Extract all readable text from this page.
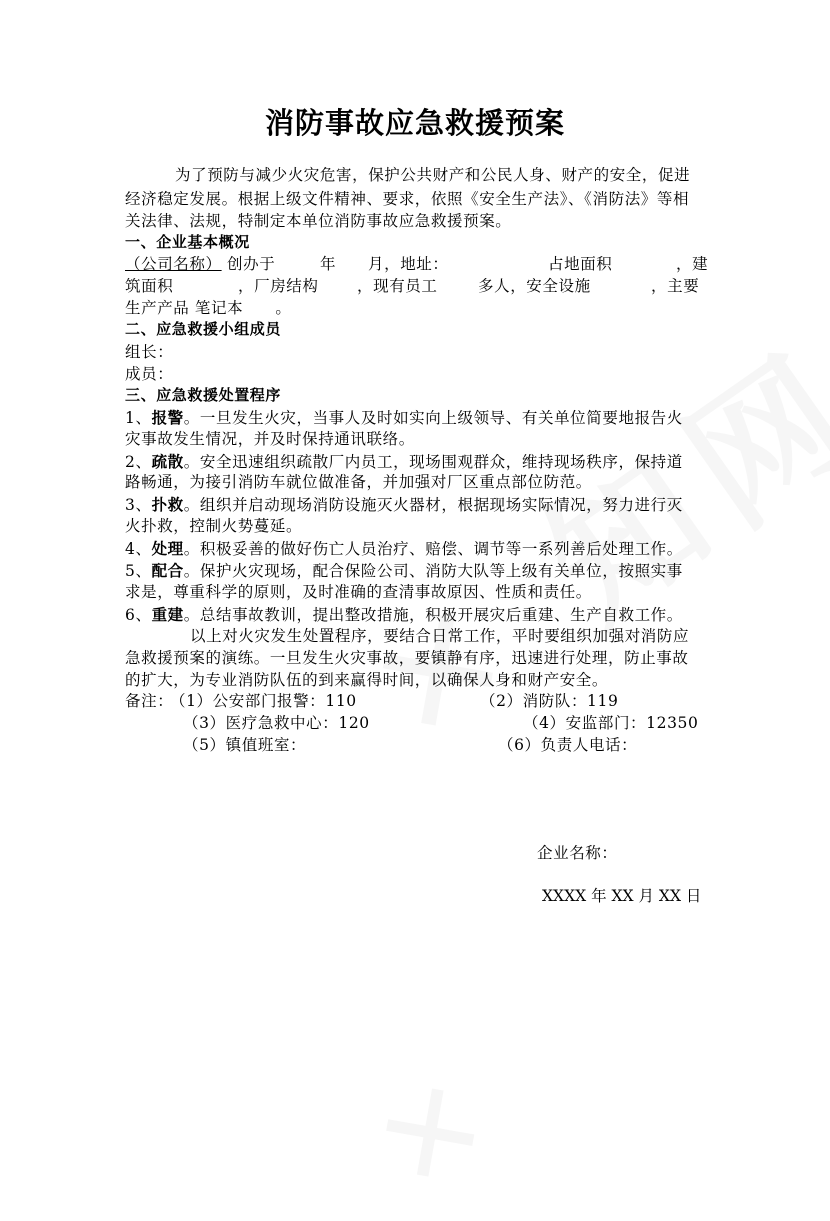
消防事故应急救援预案
为了预防与减少火灾危害，保护公共财产和公民人身、财产的安全，促进
经济稳定发展。根据上级文件精神、要求，依照《安全生产法》、《消防法》等相
关法律、法规，特制定本单位消防事故应急救援预案。
一、企业基本概况
（公司名称） 创办于	年 月，地址：	占地面积	，建
筑面积	，厂房结构 ，现有员工	多人，安全设施	，主要
生产产品 笔记本　　。
二、应急救援小组成员
组长：
成员：
三、应急救援处置程序
1、报警。一旦发生火灾，当事人及时如实向上级领导、有关单位简要地报告火
灾事故发生情况，并及时保持通讯联络。
2、疏散。安全迅速组织疏散厂内员工，现场围观群众，维持现场秩序，保持道
路畅通，为接引消防车就位做准备，并加强对厂区重点部位防范。
3、扑救。组织并启动现场消防设施灭火器材，根据现场实际情况，努力进行灭
火扑救，控制火势蔓延。
4、处理。积极妥善的做好伤亡人员治疗、赔偿、调节等一系列善后处理工作。
5、配合。保护火灾现场，配合保险公司、消防大队等上级有关单位，按照实事
求是，尊重科学的原则，及时准确的查清事故原因、性质和责任。
6、重建。总结事故教训，提出整改措施，积极开展灾后重建、生产自救工作。
以上对火灾发生处置程序，要结合日常工作，平时要组织加强对消防应
急救援预案的演练。一旦发生火灾事故，要镇静有序，迅速进行处理，防止事故
的扩大，为专业消防队伍的到来赢得时间，以确保人身和财产安全。
备注：
（1）公安部门报警：110	（2）消防队：119
（3）医疗急救中心：120	（4）安监部门：12350
（5）镇值班室：	（6）负责人电话：
企业名称：
XXXX 年 XX 月 XX 日
